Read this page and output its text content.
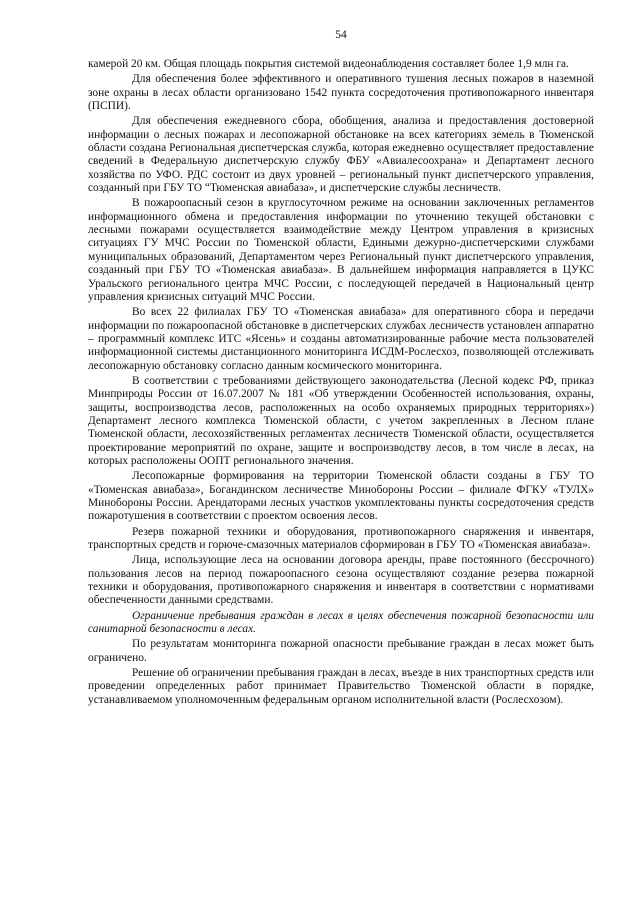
54

камерой 20 км. Общая площадь покрытия системой видеонаблюдения составляет более 1,9 млн га.

Для обеспечения более эффективного и оперативного тушения лесных пожаров в наземной зоне охраны в лесах области организовано 1542 пункта сосредоточения противопожарного инвентаря (ПСПИ).

Для обеспечения ежедневного сбора, обобщения, анализа и предоставления достоверной информации о лесных пожарах и лесопожарной обстановке на всех категориях земель в Тюменской области создана Региональная диспетчерская служба, которая ежедневно осуществляет предоставление сведений в Федеральную диспетчерскую службу ФБУ «Авиалесоохрана» и Департамент лесного хозяйства по УФО. РДС состоит из двух уровней – региональный пункт диспетчерского управления, созданный при ГБУ ТО “Тюменская авиабаза», и диспетчерские службы лесничеств.

В пожароопасный сезон в круглосуточном режиме на основании заключенных регламентов информационного обмена и предоставления информации по уточнению текущей обстановки с лесными пожарами осуществляется взаимодействие между Центром управления в кризисных ситуациях ГУ МЧС России по Тюменской области, Едиными дежурно-диспетчерскими службами муниципальных образований, Департаментом через Региональный пункт диспетчерского управления, созданный при ГБУ ТО «Тюменская авиабаза». В дальнейшем информация направляется в ЦУКС Уральского регионального центра МЧС России, с последующей передачей в Национальный центр управления кризисных ситуаций МЧС России.

Во всех 22 филиалах ГБУ ТО «Тюменская авиабаза» для оперативного сбора и передачи информации по пожароопасной обстановке в диспетчерских службах лесничеств установлен аппаратно – программный комплекс ИТС «Ясень» и созданы автоматизированные рабочие места пользователей информационной системы дистанционного мониторинга ИСДМ-Рослесхоз, позволяющей отслеживать лесопожарную обстановку согласно данным космического мониторинга.

В соответствии с требованиями действующего законодательства (Лесной кодекс РФ, приказ Минприроды России от 16.07.2007 № 181 «Об утверждении Особенностей использования, охраны, защиты, воспроизводства лесов, расположенных на особо охраняемых природных территориях») Департамент лесного комплекса Тюменской области, с учетом закрепленных в Лесном плане Тюменской области, лесохозяйственных регламентах лесничеств Тюменской области, осуществляется проектирование мероприятий по охране, защите и воспроизводству лесов, в том числе в лесах, на которых расположены ООПТ регионального значения.

Лесопожарные формирования на территории Тюменской области созданы в ГБУ ТО «Тюменская авиабаза», Богандинском лесничестве Минобороны России – филиале ФГКУ «ТУЛХ» Минобороны России. Арендаторами лесных участков укомплектованы пункты сосредоточения средств пожаротушения в соответствии с проектом освоения лесов.

Резерв пожарной техники и оборудования, противопожарного снаряжения и инвентаря, транспортных средств и горюче-смазочных материалов сформирован в ГБУ ТО «Тюменская авиабаза».

Лица, использующие леса на основании договора аренды, праве постоянного (бессрочного) пользования лесов на период пожароопасного сезона осуществляют создание резерва пожарной техники и оборудования, противопожарного снаряжения и инвентаря в соответствии с нормативами обеспеченности данными средствами.

Ограничение пребывания граждан в лесах в целях обеспечения пожарной безопасности или санитарной безопасности в лесах.

По результатам мониторинга пожарной опасности пребывание граждан в лесах может быть ограничено.

Решение об ограничении пребывания граждан в лесах, въезде в них транспортных средств или проведении определенных работ принимает Правительство Тюменской области в порядке, устанавливаемом уполномоченным федеральным органом исполнительной власти (Рослесхозом).
